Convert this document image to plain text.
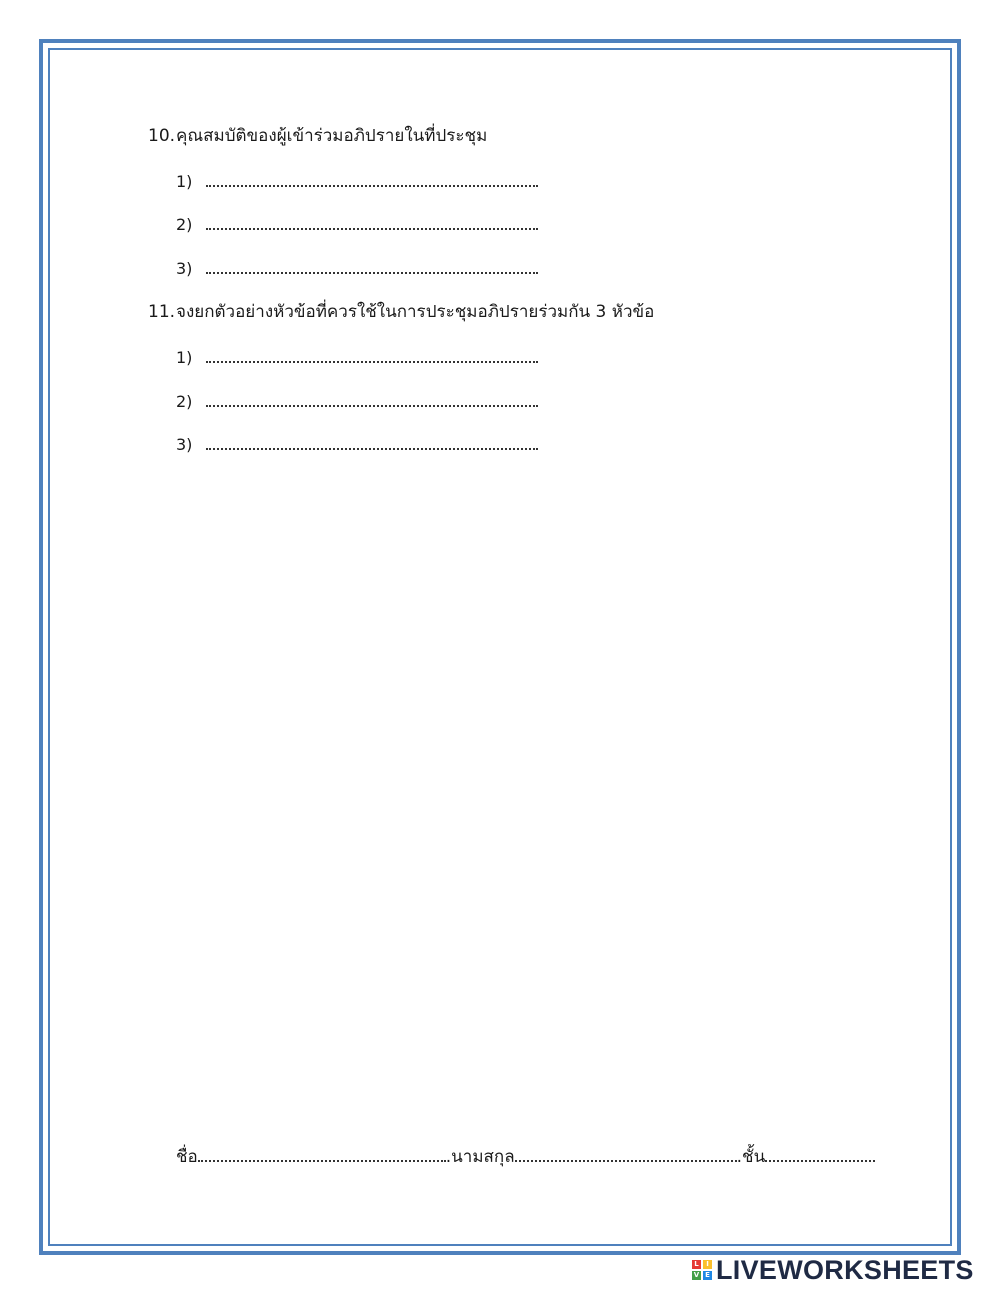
10.คุณสมบัติของผู้เข้าร่วมอภิปรายในที่ประชุม
1)
2)
3)
11.จงยกตัวอย่างหัวข้อที่ควรใช้ในการประชุมอภิปรายร่วมกัน 3 หัวข้อ
1)
2)
3)
ชื่อ	.นามสกุล	.ชั้น
L	I
V E LIVEWORKSHEETS
